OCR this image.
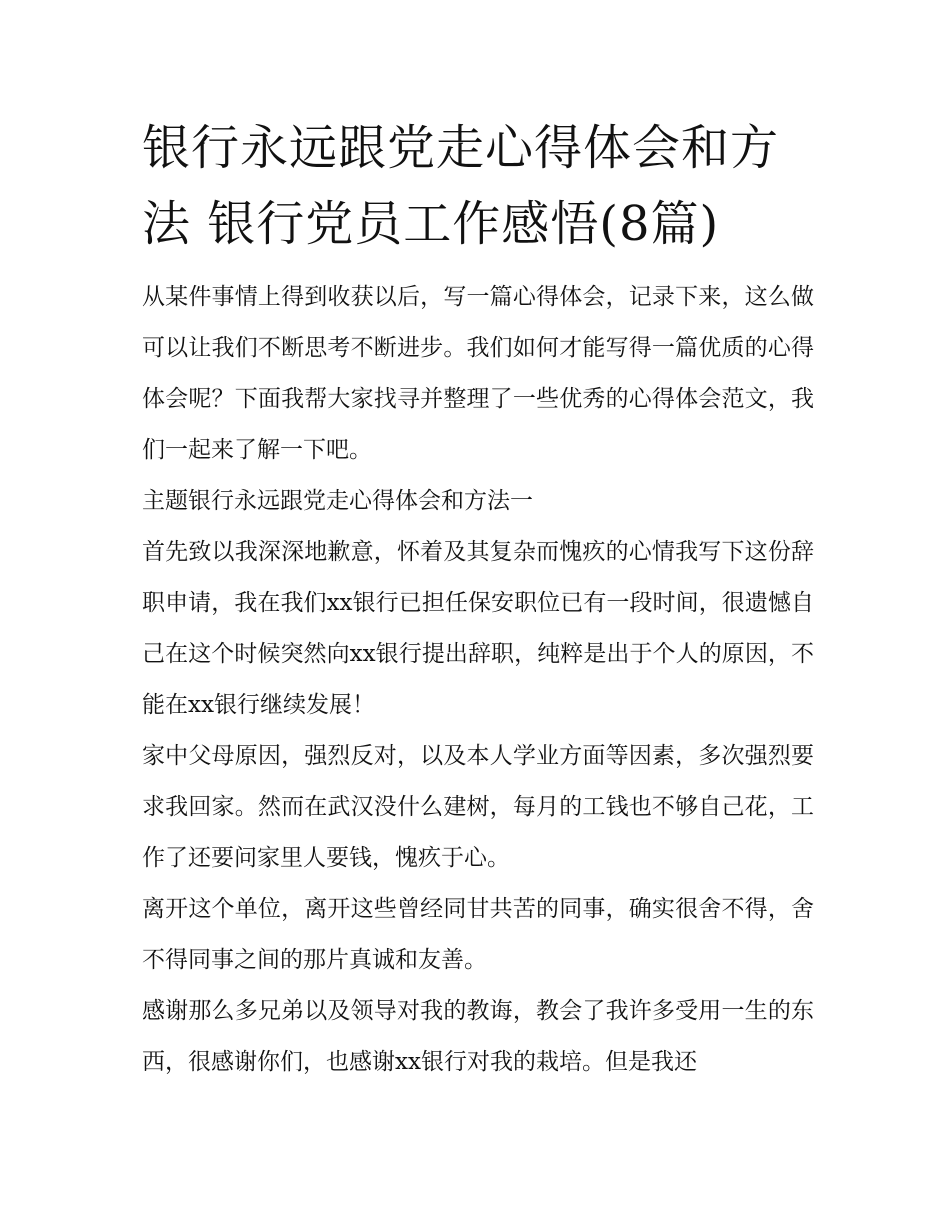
银行永远跟党走心得体会和方法 银行党员工作感悟(8篇)

从某件事情上得到收获以后，写一篇心得体会，记录下来，这么做可以让我们不断思考不断进步。我们如何才能写得一篇优质的心得体会呢？下面我帮大家找寻并整理了一些优秀的心得体会范文，我们一起来了解一下吧。

主题银行永远跟党走心得体会和方法一

首先致以我深深地歉意，怀着及其复杂而愧疚的心情我写下这份辞职申请，我在我们xx银行已担任保安职位已有一段时间，很遗憾自己在这个时候突然向xx银行提出辞职，纯粹是出于个人的原因，不能在xx银行继续发展！

家中父母原因，强烈反对，以及本人学业方面等因素，多次强烈要求我回家。然而在武汉没什么建树，每月的工钱也不够自己花，工作了还要问家里人要钱，愧疚于心。

离开这个单位，离开这些曾经同甘共苦的同事，确实很舍不得，舍不得同事之间的那片真诚和友善。

感谢那么多兄弟以及领导对我的教诲，教会了我许多受用一生的东西，很感谢你们，也感谢xx银行对我的栽培。但是我还
